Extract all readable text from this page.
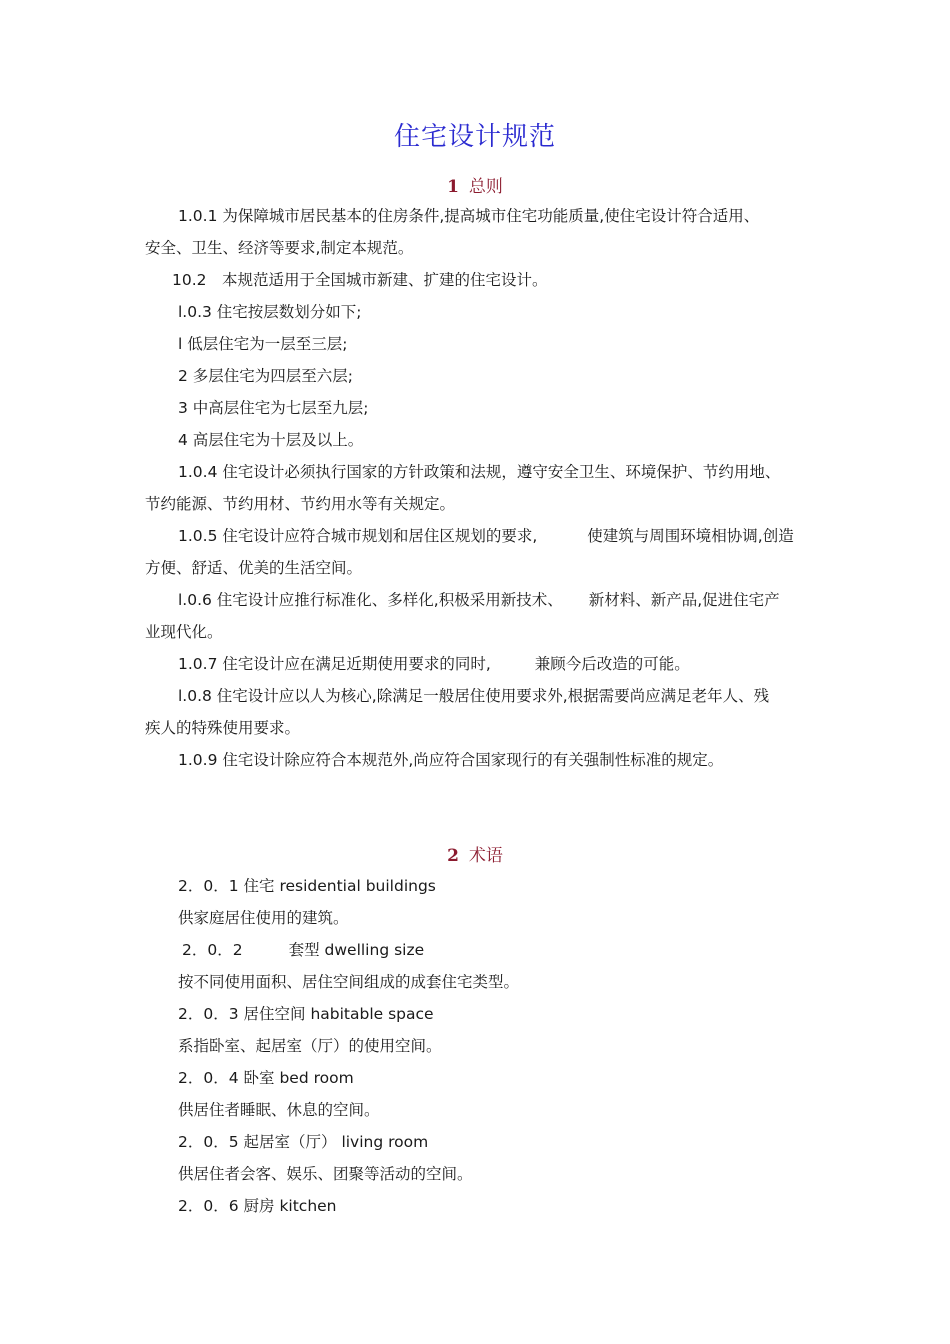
住宅设计规范
1 总则
1.0.1 为保障城市居民基本的住房条件,提高城市住宅功能质量,使住宅设计符合适用、
安全、卫生、经济等要求,制定本规范。
10.2　本规范适用于全国城市新建、扩建的住宅设计。
l.0.3 住宅按层数划分如下;
l 低层住宅为一层至三层;
2 多层住宅为四层至六层;
3 中高层住宅为七层至九层;
4 高层住宅为十层及以上。
1.0.4 住宅设计必须执行国家的方针政策和法规，遵守安全卫生、环境保护、节约用地、
节约能源、节约用材、节约用水等有关规定。
1.0.5 住宅设计应符合城市规划和居住区规划的要求,	使建筑与周围环境相协调,创造
方便、舒适、优美的生活空间。
l.0.6 住宅设计应推行标准化、多样化,积极采用新技术、 新材料、新产品,促进住宅产
业现代化。
1.0.7 住宅设计应在满足近期使用要求的同时,	兼顾今后改造的可能。
l.0.8 住宅设计应以人为核心,除满足一般居住使用要求外,根据需要尚应满足老年人、残
疾人的特殊使用要求。
1.0.9 住宅设计除应符合本规范外,尚应符合国家现行的有关强制性标准的规定。
2 术语
2．0．1 住宅 residential buildings
供家庭居住使用的建筑。
2．0．2	套型 dwelling size
按不同使用面积、居住空间组成的成套住宅类型。
2．0．3 居住空间 habitable space
系指卧室、起居室（厅）的使用空间。
2．0．4 卧室 bed room
供居住者睡眠、休息的空间。
2．0．5 起居室（厅） living room
供居住者会客、娱乐、团聚等活动的空间。
2．0．6 厨房 kitchen
